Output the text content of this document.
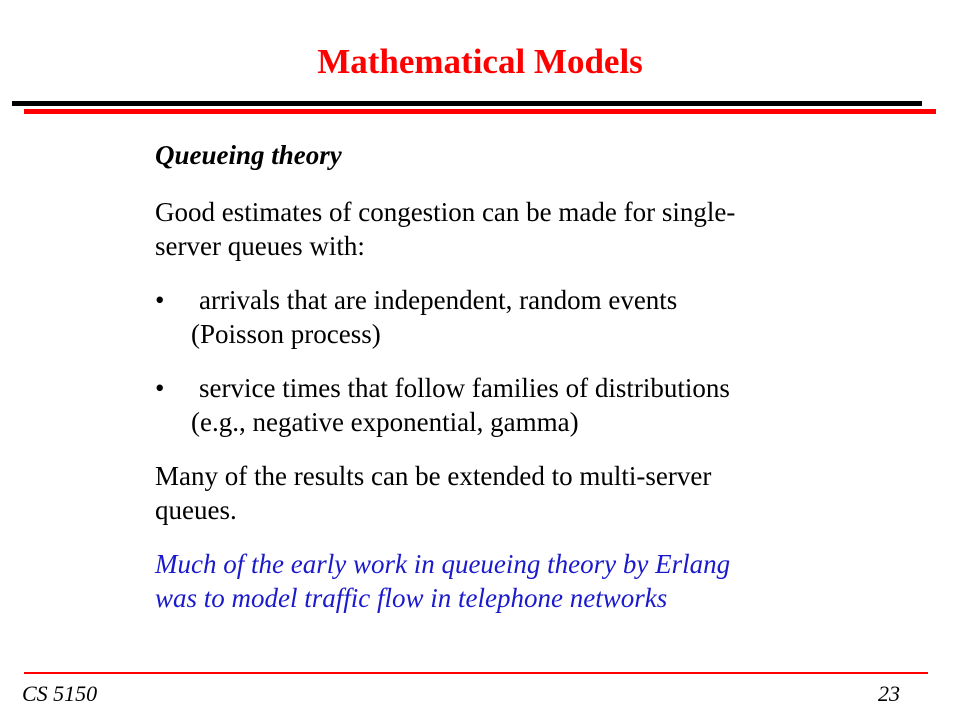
Mathematical Models

Queueing theory

Good estimates of congestion can be made for single-
server queues with:

• arrivals that are independent, random events
(Poisson process)

• service times that follow families of distributions
(e.g., negative exponential, gamma)

Many of the results can be extended to multi-server
queues.

Much of the early work in queueing theory by Erlang
was to model traffic flow in telephone networks

CS 5150	23
